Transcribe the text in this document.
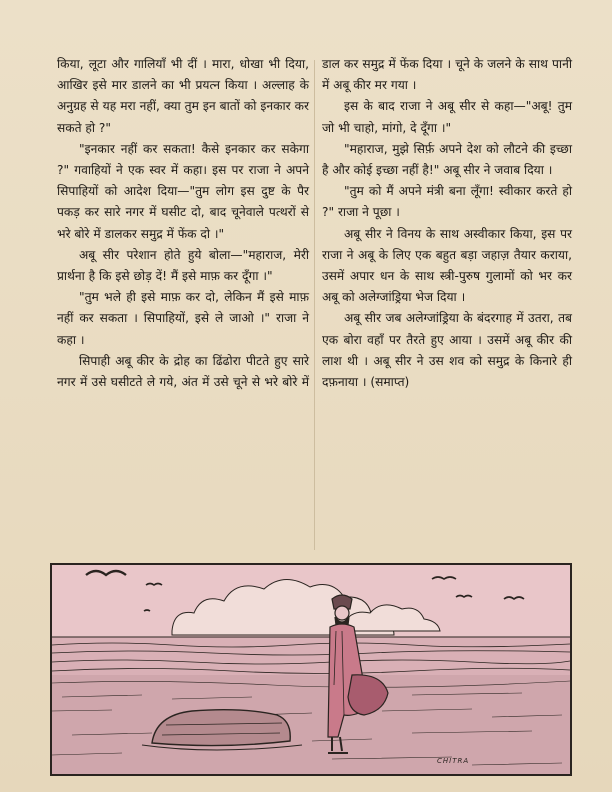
किया, लूटा और गालियाँ भी दीं । मारा, धोखा भी दिया, आखिर इसे मार डालने का भी प्रयत्न किया । अल्लाह के अनुग्रह से यह मरा नहीं, क्या तुम इन बातों को इनकार कर सकते हो ?"

"इनकार नहीं कर सकता! कैसे इनकार कर सकेगा ?" गवाहियों ने एक स्वर में कहा। इस पर राजा ने अपने सिपाहियों को आदेश दिया—"तुम लोग इस दुष्ट के पैर पकड़ कर सारे नगर में घसीट दो, बाद चूनेवाले पत्थरों से भरे बोरे में डालकर समुद्र में फेंक दो ।"

अबू सीर परेशान होते हुये बोला—"महाराज, मेरी प्रार्थना है कि इसे छोड़ दें! मैं इसे माफ़ कर दूँगा ।"

"तुम भले ही इसे माफ़ कर दो, लेकिन मैं इसे माफ़ नहीं कर सकता । सिपाहियों, इसे ले जाओ ।" राजा ने कहा ।

सिपाही अबू कीर के द्रोह का ढिंढोरा पीटते हुए सारे नगर में उसे घसीटते ले गये, अंत में उसे चूने से भरे बोरे में

डाल कर समुद्र में फेंक दिया । चूने के जलने के साथ पानी में अबू कीर मर गया ।

इस के बाद राजा ने अबू सीर से कहा—"अबू! तुम जो भी चाहो, मांगो, दे दूँगा ।"

"महाराज, मुझे सिर्फ़ अपने देश को लौटने की इच्छा है और कोई इच्छा नहीं है!" अबू सीर ने जवाब दिया ।

"तुम को मैं अपने मंत्री बना लूँगा! स्वीकार करते हो ?" राजा ने पूछा ।

अबू सीर ने विनय के साथ अस्वीकार किया, इस पर राजा ने अबू के लिए एक बहुत बड़ा जहाज़ तैयार कराया, उसमें अपार धन के साथ स्त्री-पुरुष गुलामों को भर कर अबू को अलेग्जांड्रिया भेज दिया ।

अबू सीर जब अलेग्जांड्रिया के बंदरगाह में उतरा, तब एक बोरा वहाँ पर तैरते हुए आया । उसमें अबू कीर की लाश थी । अबू सीर ने उस शव को समुद्र के किनारे ही दफ़नाया । (समाप्त)

CHITRA
